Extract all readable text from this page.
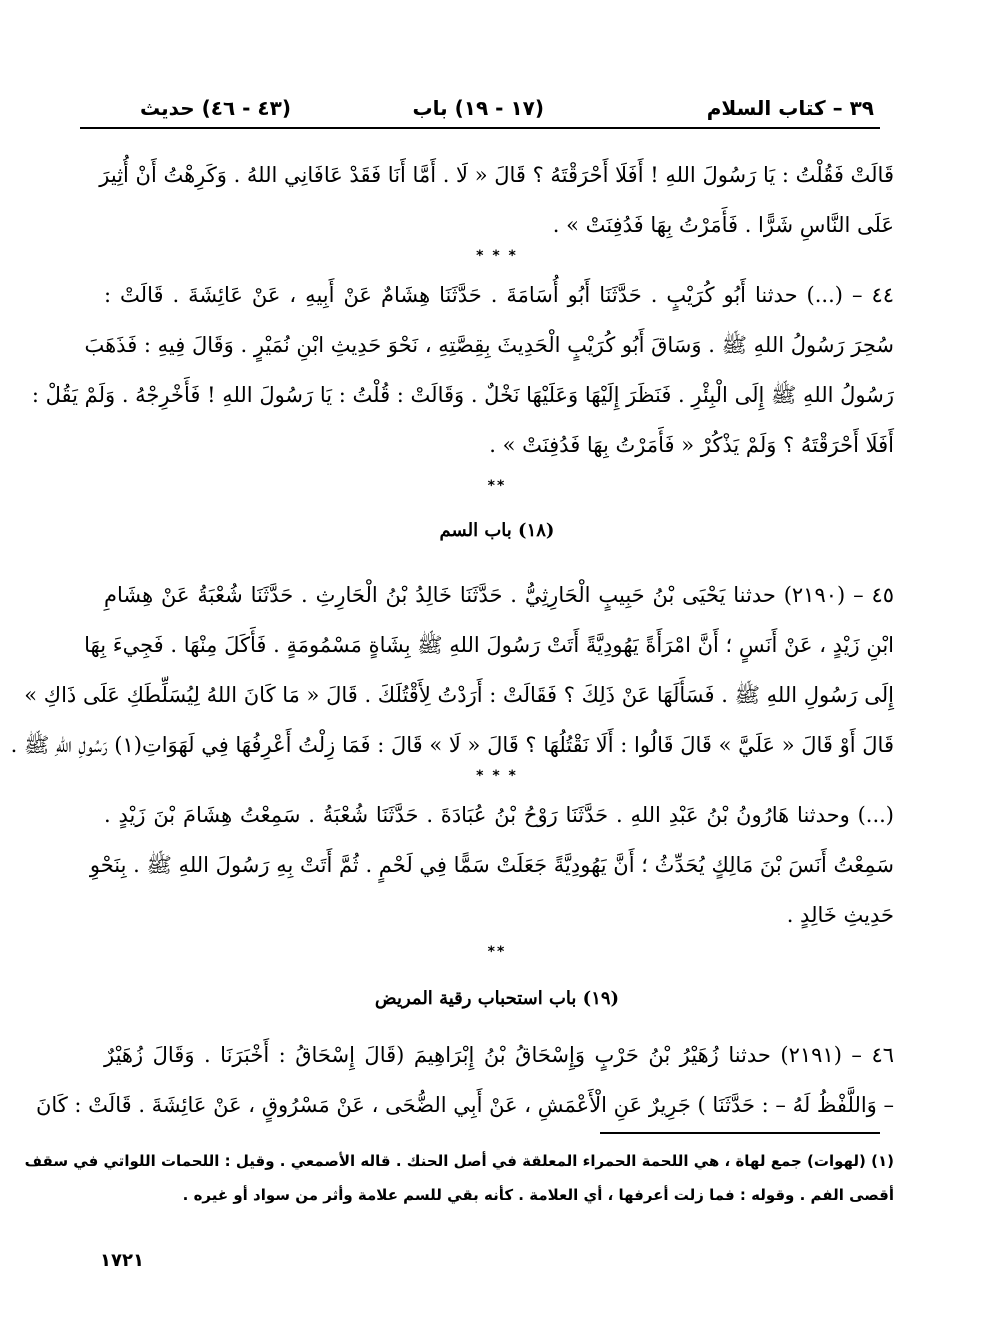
٣٩ – كتاب السلام
(١٧ - ١٩) باب
(٤٣ - ٤٦) حديث
قَالَتْ فَقُلْتُ : يَا رَسُولَ اللهِ ! أَفَلَا أَحْرَقْتَهُ ؟ قَالَ « لَا . أَمَّا أَنَا فَقَدْ عَافَانِي اللهُ . وَكَرِهْتُ أَنْ أُثِيرَ
عَلَى النَّاسِ شَرًّا . فَأَمَرْتُ بِهَا فَدُفِنَتْ » .
* * *
٤٤ – (...) حدثنا أَبُو كُرَيْبٍ . حَدَّثَنَا أَبُو أُسَامَةَ . حَدَّثَنَا هِشَامٌ عَنْ أَبِيهِ ، عَنْ عَائِشَةَ . قَالَتْ :
سُحِرَ رَسُولُ اللهِ ﷺ . وَسَاقَ أَبُو كُرَيْبٍ الْحَدِيثَ بِقِصَّتِهِ ، نَحْوَ حَدِيثِ ابْنِ نُمَيْرٍ . وَقَالَ فِيهِ : فَذَهَبَ
رَسُولُ اللهِ ﷺ إِلَى الْبِئْرِ . فَنَظَرَ إِلَيْهَا وَعَلَيْهَا نَخْلٌ . وَقَالَتْ : قُلْتُ : يَا رَسُولَ اللهِ ! فَأَخْرِجْهُ . وَلَمْ يَقُلْ :
أَفَلَا أَحْرَقْتَهُ ؟ وَلَمْ يَذْكُرْ « فَأَمَرْتُ بِهَا فَدُفِنَتْ » .
**
(١٨) باب السم
٤٥ – (٢١٩٠) حدثنا يَحْيَى بْنُ حَبِيبٍ الْحَارِثِيُّ . حَدَّثَنَا خَالِدُ بْنُ الْحَارِثِ . حَدَّثَنَا شُعْبَةُ عَنْ هِشَامِ
ابْنِ زَيْدٍ ، عَنْ أَنَسٍ ؛ أَنَّ امْرَأَةً يَهُودِيَّةً أَتَتْ رَسُولَ اللهِ ﷺ بِشَاةٍ مَسْمُومَةٍ . فَأَكَلَ مِنْهَا . فَجِيءَ بِهَا
إِلَى رَسُولِ اللهِ ﷺ . فَسَأَلَهَا عَنْ ذَلِكَ ؟ فَقَالَتْ : أَرَدْتُ لِأَقْتُلَكَ . قَالَ « مَا كَانَ اللهُ لِيُسَلِّطَكِ عَلَى ذَاكِ »
قَالَ أَوْ قَالَ « عَلَيَّ » قَالَ قَالُوا : أَلَا نَقْتُلُهَا ؟ قَالَ « لَا » قَالَ : فَمَا زِلْتُ أَعْرِفُهَا فِي لَهَوَاتِ(١) رَسُولِ اللهِ ﷺ .
* * *
(...) وحدثنا هَارُونُ بْنُ عَبْدِ اللهِ . حَدَّثَنَا رَوْحُ بْنُ عُبَادَةَ . حَدَّثَنَا شُعْبَةُ . سَمِعْتُ هِشَامَ بْنَ زَيْدٍ .
سَمِعْتُ أَنَسَ بْنَ مَالِكٍ يُحَدِّثُ ؛ أَنَّ يَهُودِيَّةً جَعَلَتْ سَمًّا فِي لَحْمٍ . ثُمَّ أَتَتْ بِهِ رَسُولَ اللهِ ﷺ . بِنَحْوِ
حَدِيثِ خَالِدٍ .
**
(١٩) باب استحباب رقية المريض
٤٦ – (٢١٩١) حدثنا زُهَيْرُ بْنُ حَرْبٍ وَإِسْحَاقُ بْنُ إِبْرَاهِيمَ (قَالَ إِسْحَاقُ : أَخْبَرَنَا . وَقَالَ زُهَيْرٌ
– وَاللَّفْظُ لَهُ – : حَدَّثَنَا ) جَرِيرٌ عَنِ الْأَعْمَشِ ، عَنْ أَبِي الضُّحَى ، عَنْ مَسْرُوقٍ ، عَنْ عَائِشَةَ . قَالَتْ : كَانَ
(١) (لهوات) جمع لهاة ، هي اللحمة الحمراء المعلقة في أصل الحنك . قاله الأصمعي . وقيل : اللحمات اللواتي في سقف
أقصى الفم . وقوله : فما زلت أعرفها ، أي العلامة . كأنه بقي للسم علامة وأثر من سواد أو غيره .
١٧٢١
